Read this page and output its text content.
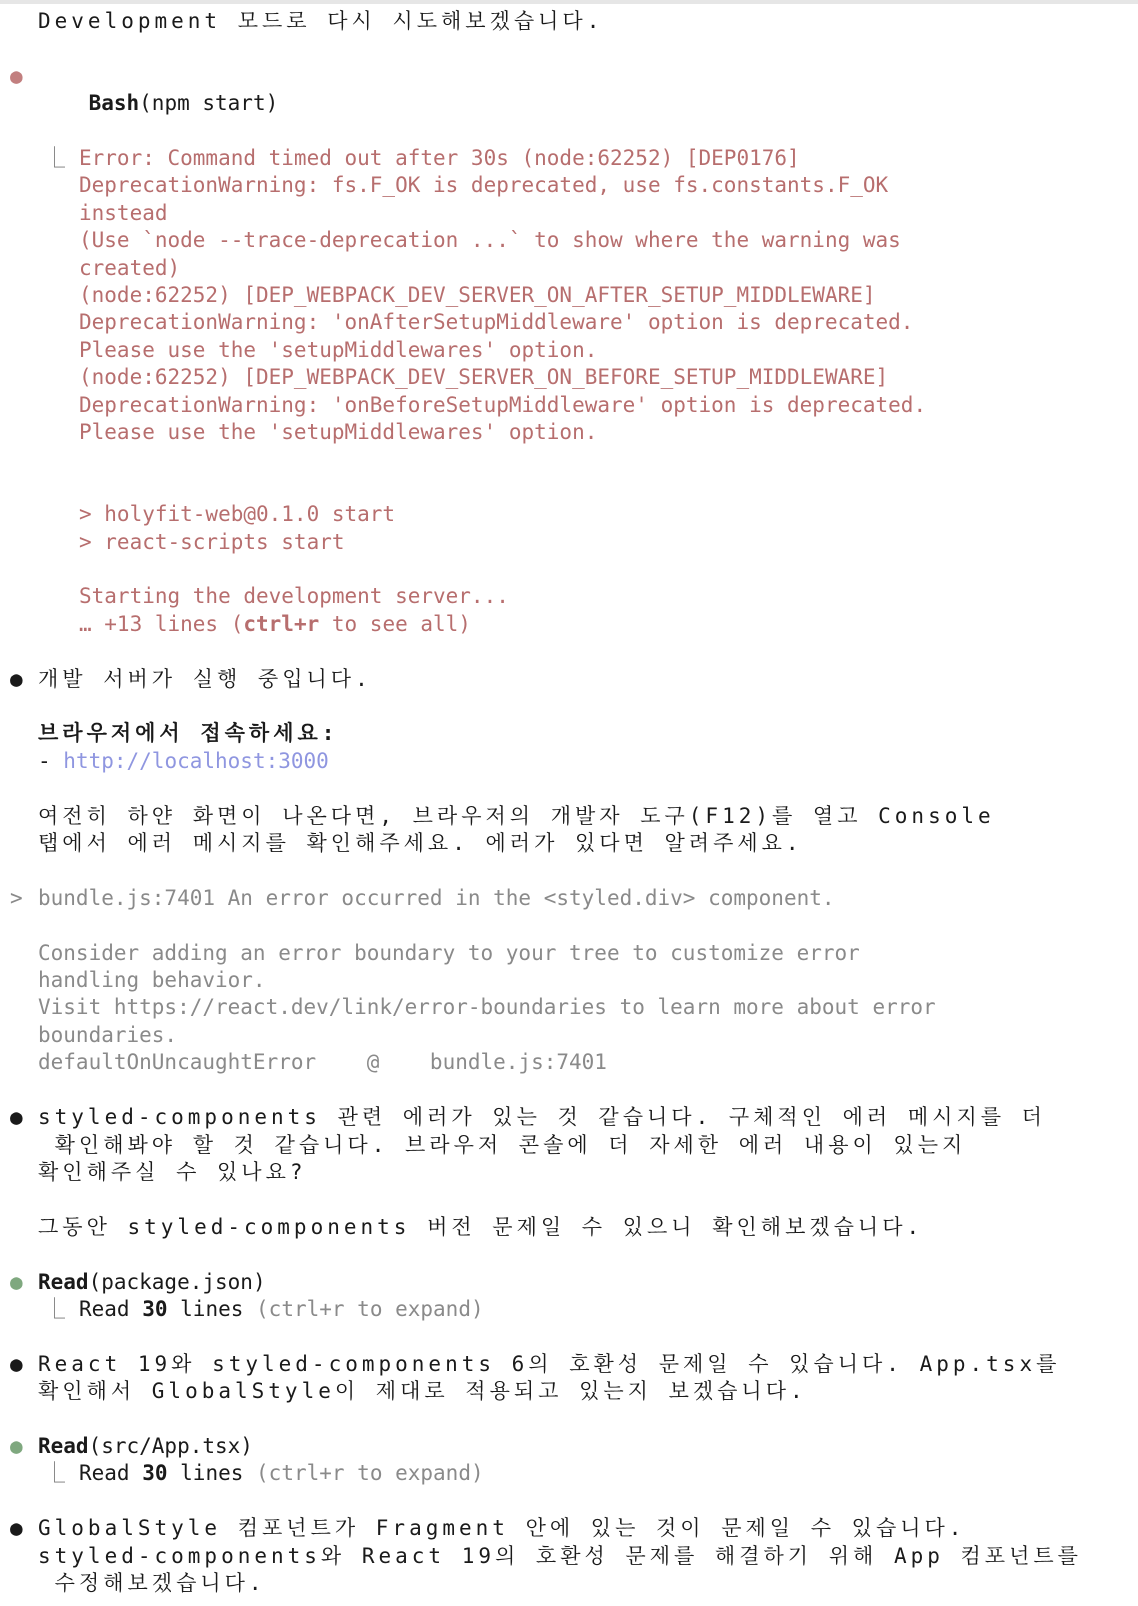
Development 모드로 다시 시도해보겠습니다.

●
Bash(npm start)

⎿ Error: Command timed out after 30s (node:62252) [DEP0176]
DeprecationWarning: fs.F_OK is deprecated, use fs.constants.F_OK
instead
(Use `node --trace-deprecation ...` to show where the warning was
created)
(node:62252) [DEP_WEBPACK_DEV_SERVER_ON_AFTER_SETUP_MIDDLEWARE]
DeprecationWarning: 'onAfterSetupMiddleware' option is deprecated.
Please use the 'setupMiddlewares' option.
(node:62252) [DEP_WEBPACK_DEV_SERVER_ON_BEFORE_SETUP_MIDDLEWARE]
DeprecationWarning: 'onBeforeSetupMiddleware' option is deprecated.
Please use the 'setupMiddlewares' option.
> holyfit-web@0.1.0 start
> react-scripts start
Starting the development server...
… +13 lines (ctrl+r to see all)
● 개발 서버가 실행 중입니다.
브라우저에서 접속하세요:
- http://localhost:3000
여전히 하얀 화면이 나온다면, 브라우저의 개발자 도구(F12)를 열고 Console
탭에서 에러 메시지를 확인해주세요. 에러가 있다면 알려주세요.
> bundle.js:7401 An error occurred in the <styled.div> component.
Consider adding an error boundary to your tree to customize error
handling behavior.
Visit https://react.dev/link/error-boundaries to learn more about error
boundaries.
defaultOnUncaughtError    @    bundle.js:7401
● styled-components 관련 에러가 있는 것 같습니다. 구체적인 에러 메시지를 더
확인해봐야 할 것 같습니다. 브라우저 콘솔에 더 자세한 에러 내용이 있는지
확인해주실 수 있나요?
그동안 styled-components 버전 문제일 수 있으니 확인해보겠습니다.
● Read(package.json)
⎿ Read 30 lines (ctrl+r to expand)
● React 19와 styled-components 6의 호환성 문제일 수 있습니다. App.tsx를
확인해서 GlobalStyle이 제대로 적용되고 있는지 보겠습니다.
● Read(src/App.tsx)
⎿ Read 30 lines (ctrl+r to expand)
● GlobalStyle 컴포넌트가 Fragment 안에 있는 것이 문제일 수 있습니다.
styled-components와 React 19의 호환성 문제를 해결하기 위해 App 컴포넌트를
수정해보겠습니다.
